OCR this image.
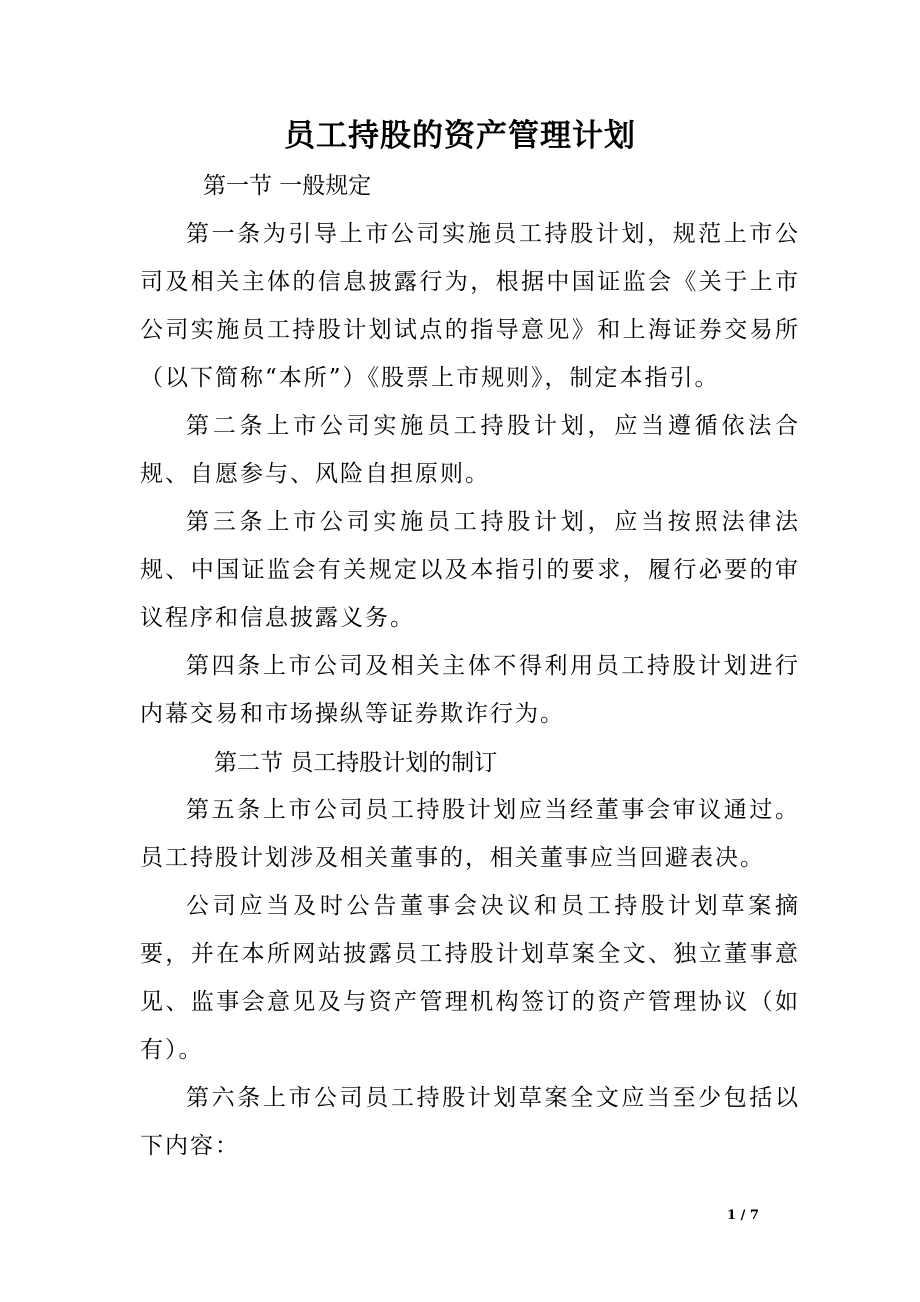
员工持股的资产管理计划
第一节 一般规定
第一条为引导上市公司实施员工持股计划，规范上市公司及相关主体的信息披露行为，根据中国证监会《关于上市公司实施员工持股计划试点的指导意见》和上海证券交易所（以下简称“本所”）《股票上市规则》，制定本指引。
第二条上市公司实施员工持股计划，应当遵循依法合规、自愿参与、风险自担原则。
第三条上市公司实施员工持股计划，应当按照法律法规、中国证监会有关规定以及本指引的要求，履行必要的审议程序和信息披露义务。
第四条上市公司及相关主体不得利用员工持股计划进行内幕交易和市场操纵等证券欺诈行为。
第二节 员工持股计划的制订
第五条上市公司员工持股计划应当经董事会审议通过。员工持股计划涉及相关董事的，相关董事应当回避表决。
公司应当及时公告董事会决议和员工持股计划草案摘要，并在本所网站披露员工持股计划草案全文、独立董事意见、监事会意见及与资产管理机构签订的资产管理协议（如有）。
第六条上市公司员工持股计划草案全文应当至少包括以下内容：
1 / 7
